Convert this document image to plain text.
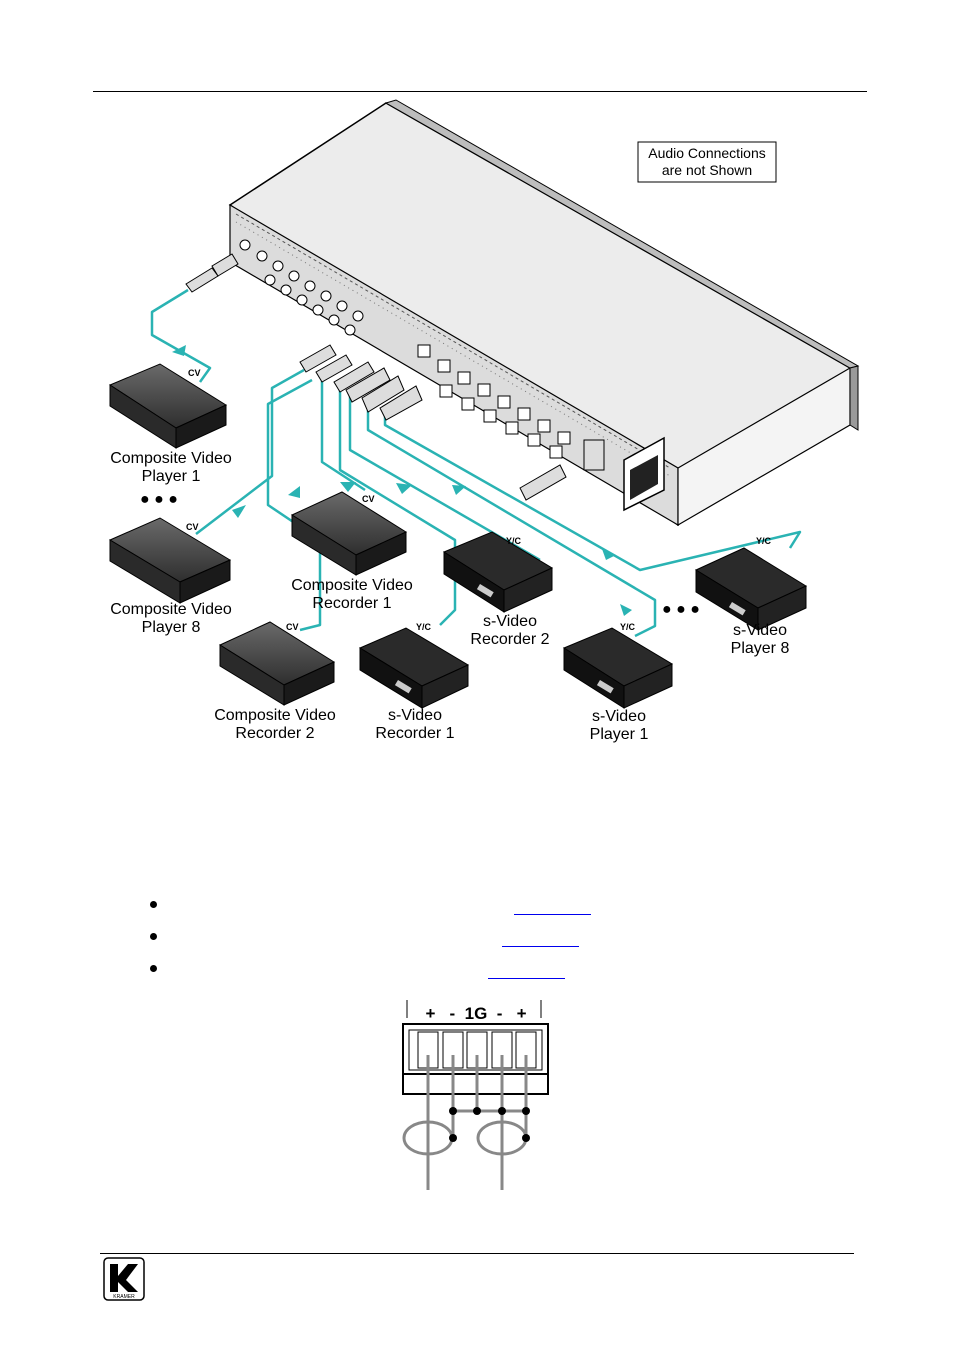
Audio Connections
are not Shown
CV
Composite Video
Player 1
● ● ●
CV
Composite Video
Player 8
CV
Composite Video
Recorder 1
CV
Composite Video
Recorder 2
Y/C
s-Video
Recorder 1
Y/C
s-Video
Recorder 2
Y/C
s-Video
Player 1
● ● ●
Y/C
s-Video
Player 8
+   -  1G  -   +
KRAMER
